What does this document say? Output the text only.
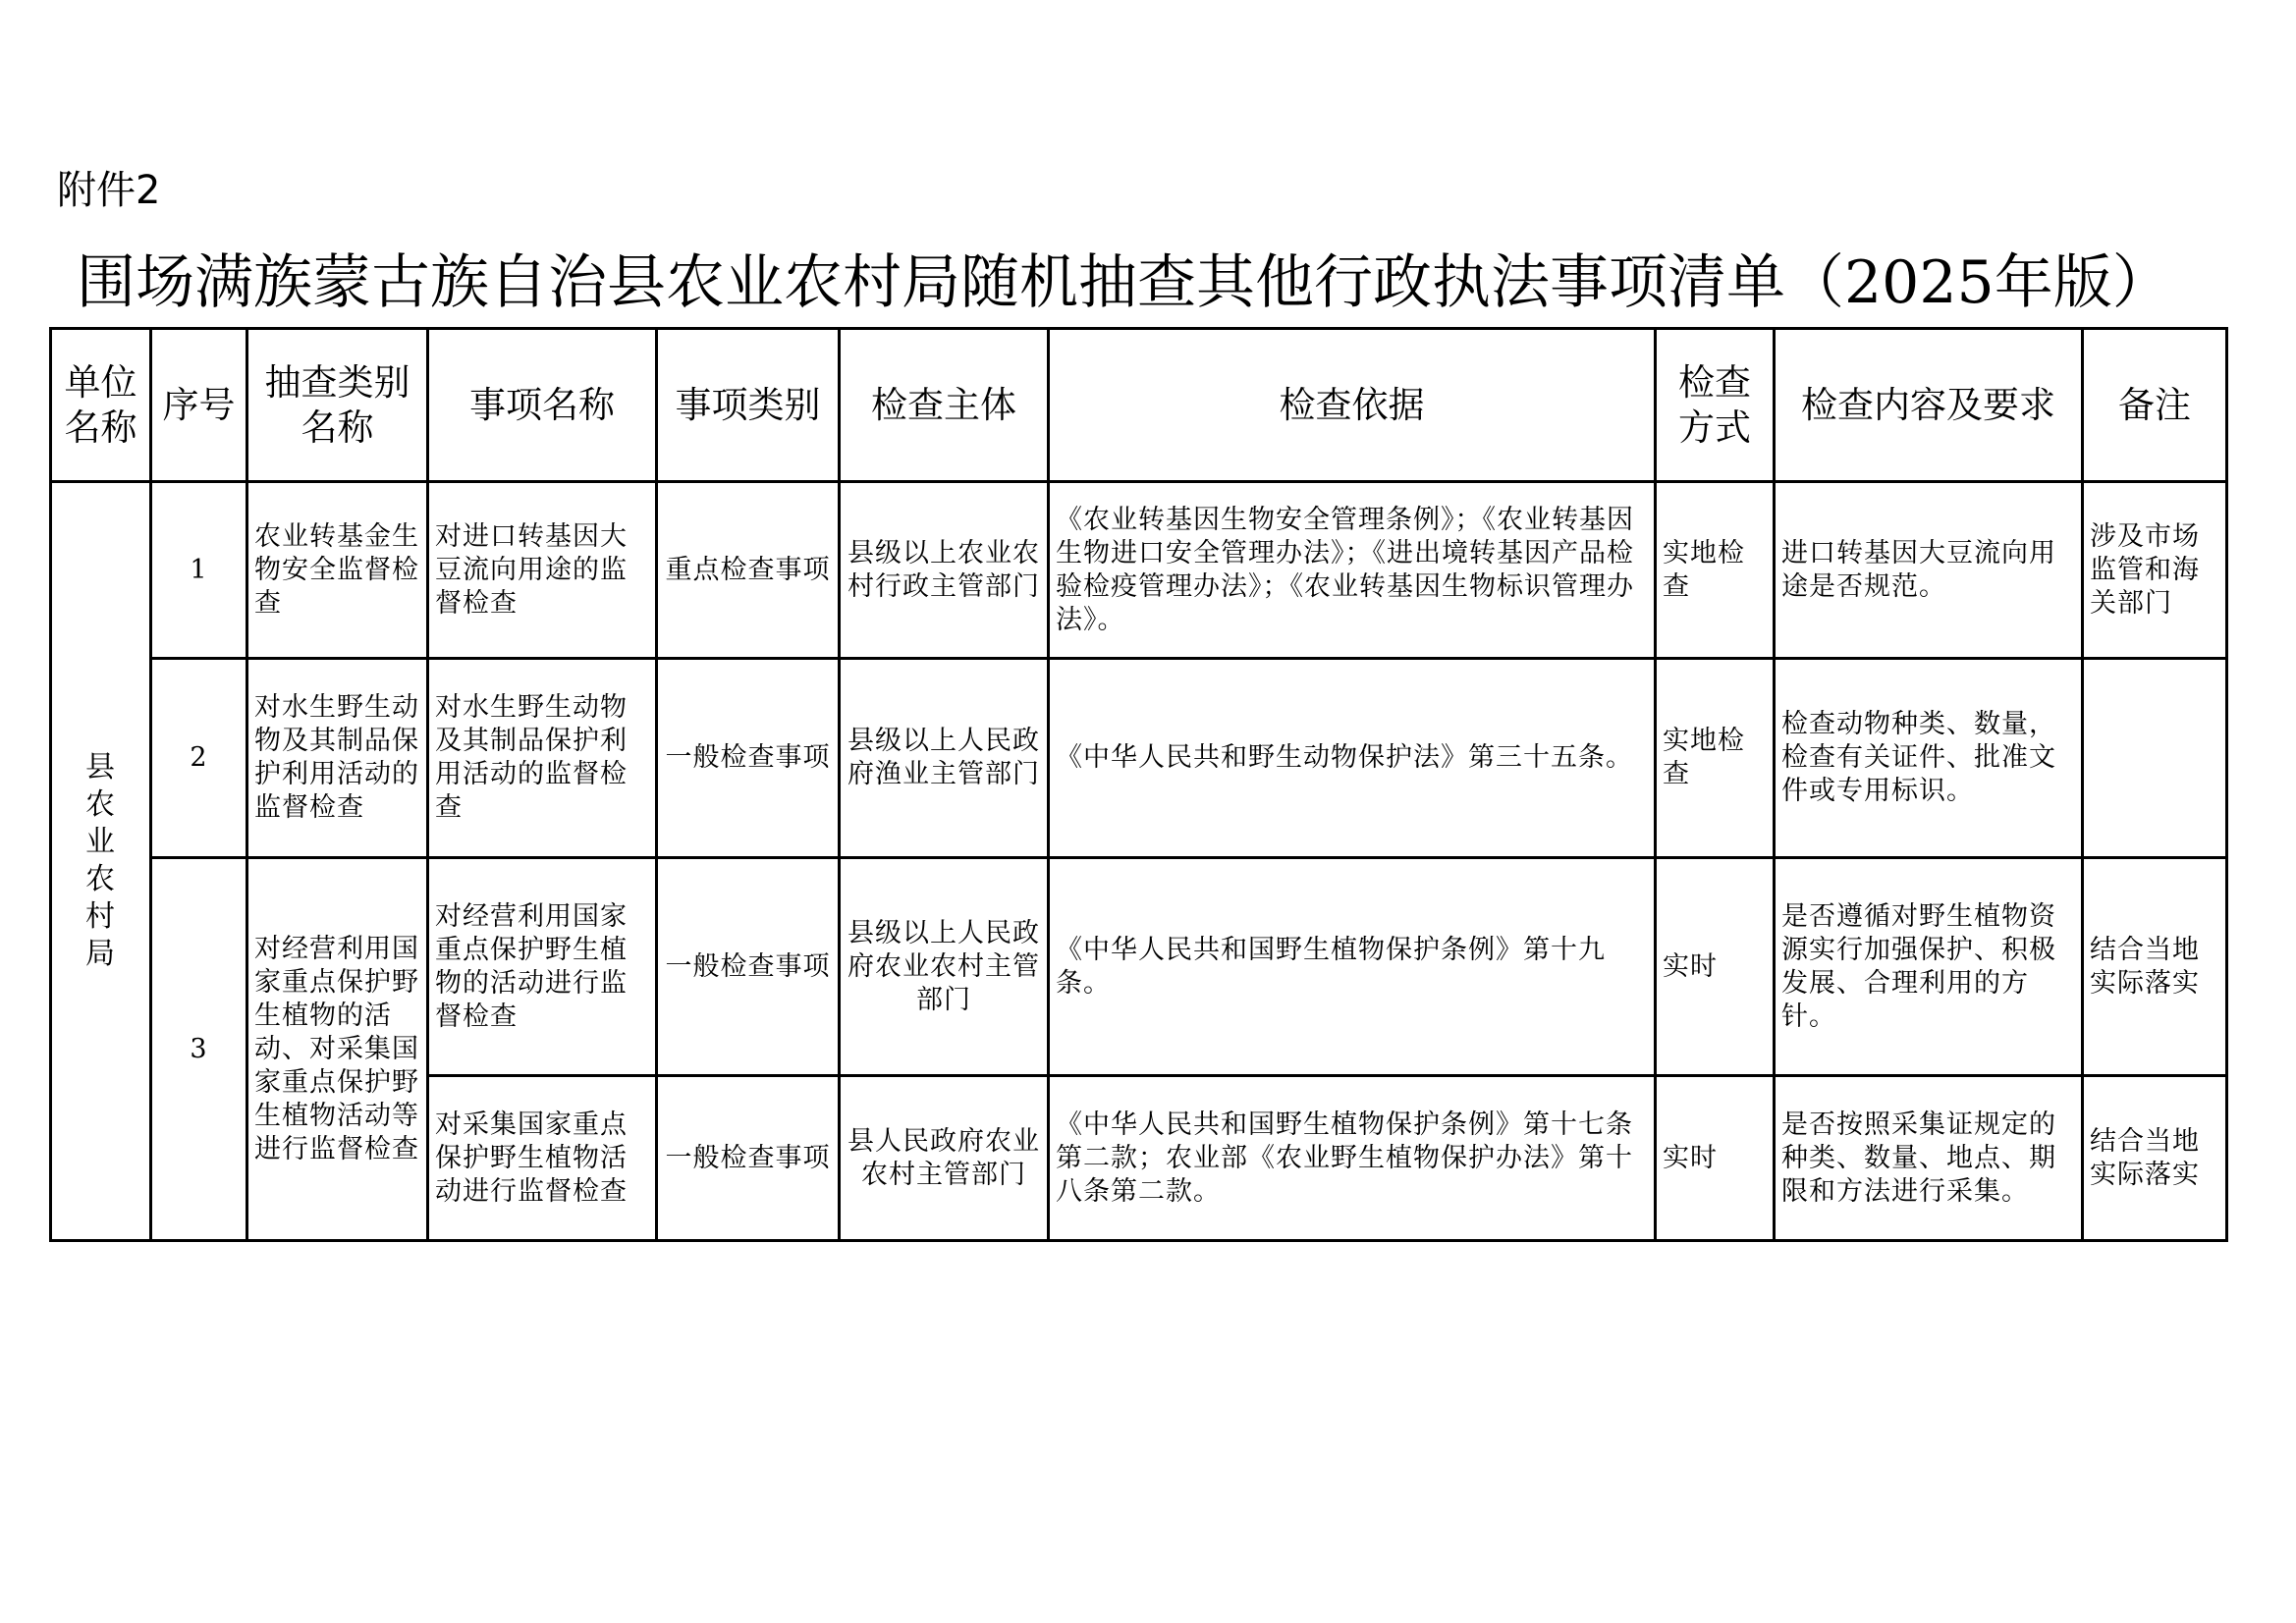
附件2
围场满族蒙古族自治县农业农村局随机抽查其他行政执法事项清单（2025年版）
单位名称	序号	抽查类别名称	事项名称	事项类别	检查主体	检查依据	检查方式	检查内容及要求	备注

县农业农村局	1	农业转基金生物安全监督检查	对进口转基因大豆流向用途的监督检查	重点检查事项	县级以上农业农村行政主管部门	《农业转基因生物安全管理条例》；《农业转基因生物进口安全管理办法》；《进出境转基因产品检验检疫管理办法》；《农业转基因生物标识管理办法》。	实地检查	进口转基因大豆流向用途是否规范。	涉及市场监管和海关部门
	2	对水生野生动物及其制品保护利用活动的监督检查	对水生野生动物及其制品保护利用活动的监督检查	一般检查事项	县级以上人民政府渔业主管部门	《中华人民共和野生动物保护法》第三十五条。	实地检查	检查动物种类、数量，检查有关证件、批准文件或专用标识。	
	3	对经营利用国家重点保护野生植物的活动、对采集国家重点保护野生植物活动等进行监督检查	对经营利用国家重点保护野生植物的活动进行监督检查	一般检查事项	县级以上人民政府农业农村主管部门	《中华人民共和国野生植物保护条例》第十九条。	实时	是否遵循对野生植物资源实行加强保护、积极发展、合理利用的方针。	结合当地实际落实
			对采集国家重点保护野生植物活动进行监督检查	一般检查事项	县人民政府农业农村主管部门	《中华人民共和国野生植物保护条例》第十七条第二款；农业部《农业野生植物保护办法》第十八条第二款。	实时	是否按照采集证规定的种类、数量、地点、期限和方法进行采集。	结合当地实际落实
